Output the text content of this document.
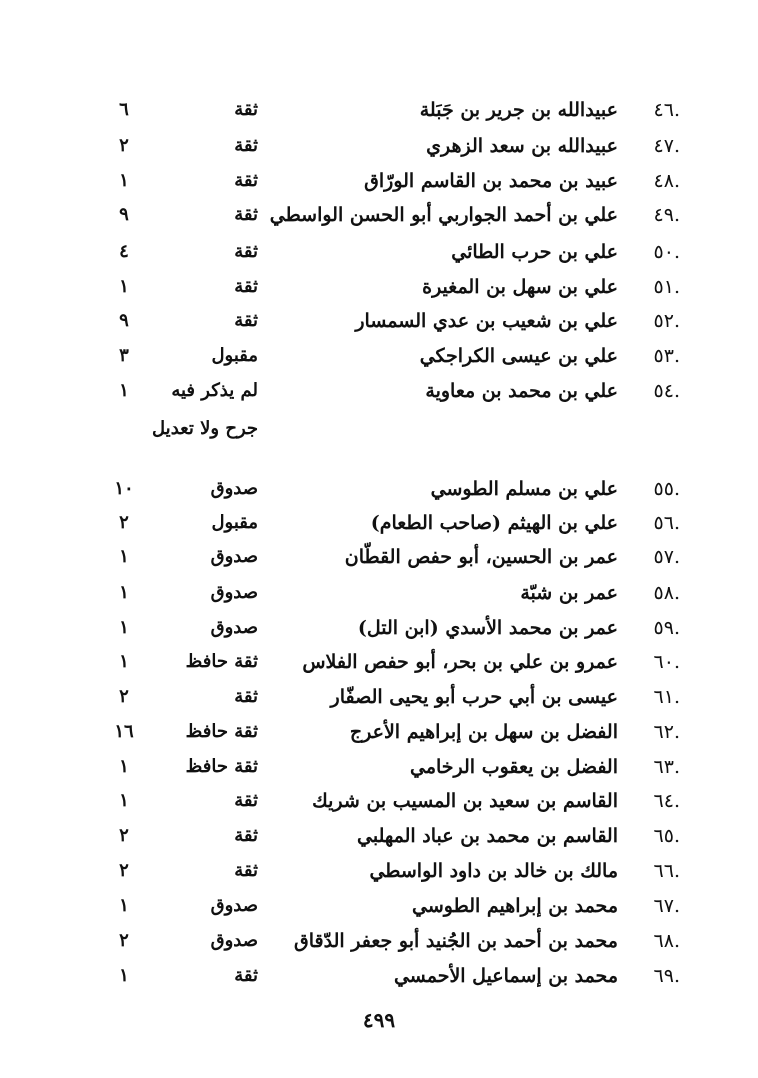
.٤٦
عبيدالله بن جرير بن جَبَلة
ثقة
٦
.٤٧
عبيدالله بن سعد الزهري
ثقة
٢
.٤٨
عبيد بن محمد بن القاسم الورّاق
ثقة
١
.٤٩
علي بن أحمد الجواربي أبو الحسن الواسطي
ثقة
٩
.٥٠
علي بن حرب الطائي
ثقة
٤
.٥١
علي بن سهل بن المغيرة
ثقة
١
.٥٢
علي بن شعيب بن عدي السمسار
ثقة
٩
.٥٣
علي بن عيسى الكراجكي
مقبول
٣
.٥٤
علي بن محمد بن معاوية
لم يذكر فيه
١
جرح ولا تعديل
.٥٥
علي بن مسلم الطوسي
صدوق
١٠
.٥٦
علي بن الهيثم (صاحب الطعام)
مقبول
٢
.٥٧
عمر بن الحسين، أبو حفص القطّان
صدوق
١
.٥٨
عمر بن شبّة
صدوق
١
.٥٩
عمر بن محمد الأسدي (ابن التل)
صدوق
١
.٦٠
عمرو بن علي بن بحر، أبو حفص الفلاس
ثقة حافظ
١
.٦١
عيسى بن أبي حرب أبو يحيى الصفّار
ثقة
٢
.٦٢
الفضل بن سهل بن إبراهيم الأعرج
ثقة حافظ
١٦
.٦٣
الفضل بن يعقوب الرخامي
ثقة حافظ
١
.٦٤
القاسم بن سعيد بن المسيب بن شريك
ثقة
١
.٦٥
القاسم بن محمد بن عباد المهلبي
ثقة
٢
.٦٦
مالك بن خالد بن داود الواسطي
ثقة
٢
.٦٧
محمد بن إبراهيم الطوسي
صدوق
١
.٦٨
محمد بن أحمد بن الجُنيد أبو جعفر الدّقاق
صدوق
٢
.٦٩
محمد بن إسماعيل الأحمسي
ثقة
١
٤٩٩
